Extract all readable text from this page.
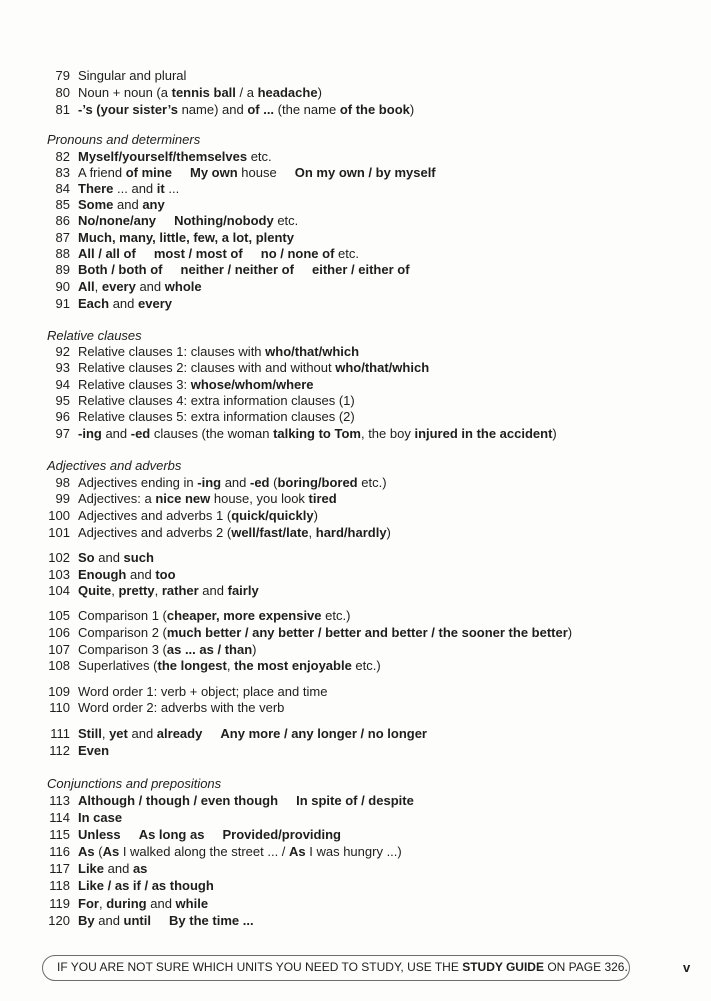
79 Singular and plural
80 Noun + noun (a tennis ball / a headache)
81 -’s (your sister’s name) and of ... (the name of the book)
Pronouns and determiners
82 Myself/yourself/themselves etc.
83 A friend of mine My own house     On my own / by myself
84 There ... and it ...
85 Some and any
86 No/none/any Nothing/nobody etc.
87 Much, many, little, few, a lot, plenty
88 All / all of most / most of no / none of etc.
89 Both / both of neither / neither of either / either of
90 All, every and whole
91 Each and every
Relative clauses
92 Relative clauses 1: clauses with who/that/which
93 Relative clauses 2: clauses with and without who/that/which
94 Relative clauses 3: whose/whom/where
95 Relative clauses 4: extra information clauses (1)
96 Relative clauses 5: extra information clauses (2)
97 -ing and -ed clauses (the woman talking to Tom, the boy injured in the accident)
Adjectives and adverbs
98 Adjectives ending in -ing and -ed (boring/bored etc.)
99 Adjectives: a nice new house, you look tired
100 Adjectives and adverbs 1 (quick/quickly)
101 Adjectives and adverbs 2 (well/fast/late, hard/hardly)
102 So and such
103 Enough and too
104 Quite, pretty, rather and fairly
105 Comparison 1 (cheaper, more expensive etc.)
106 Comparison 2 (much better / any better / better and better / the sooner the better)
107 Comparison 3 (as ... as / than)
108 Superlatives (the longest, the most enjoyable etc.)
109 Word order 1: verb + object; place and time
110 Word order 2: adverbs with the verb
111 Still, yet and already Any more / any longer / no longer
112 Even
Conjunctions and prepositions
113 Although / though / even though In spite of / despite
114 In case
115 Unless As long as Provided/providing
116 As (As I walked along the street ... / As I was hungry ...)
117 Like and as
118 Like / as if / as though
119 For, during and while
120 By and until By the time ...
IF YOU ARE NOT SURE WHICH UNITS YOU NEED TO STUDY, USE THE STUDY GUIDE ON PAGE 326.	v
